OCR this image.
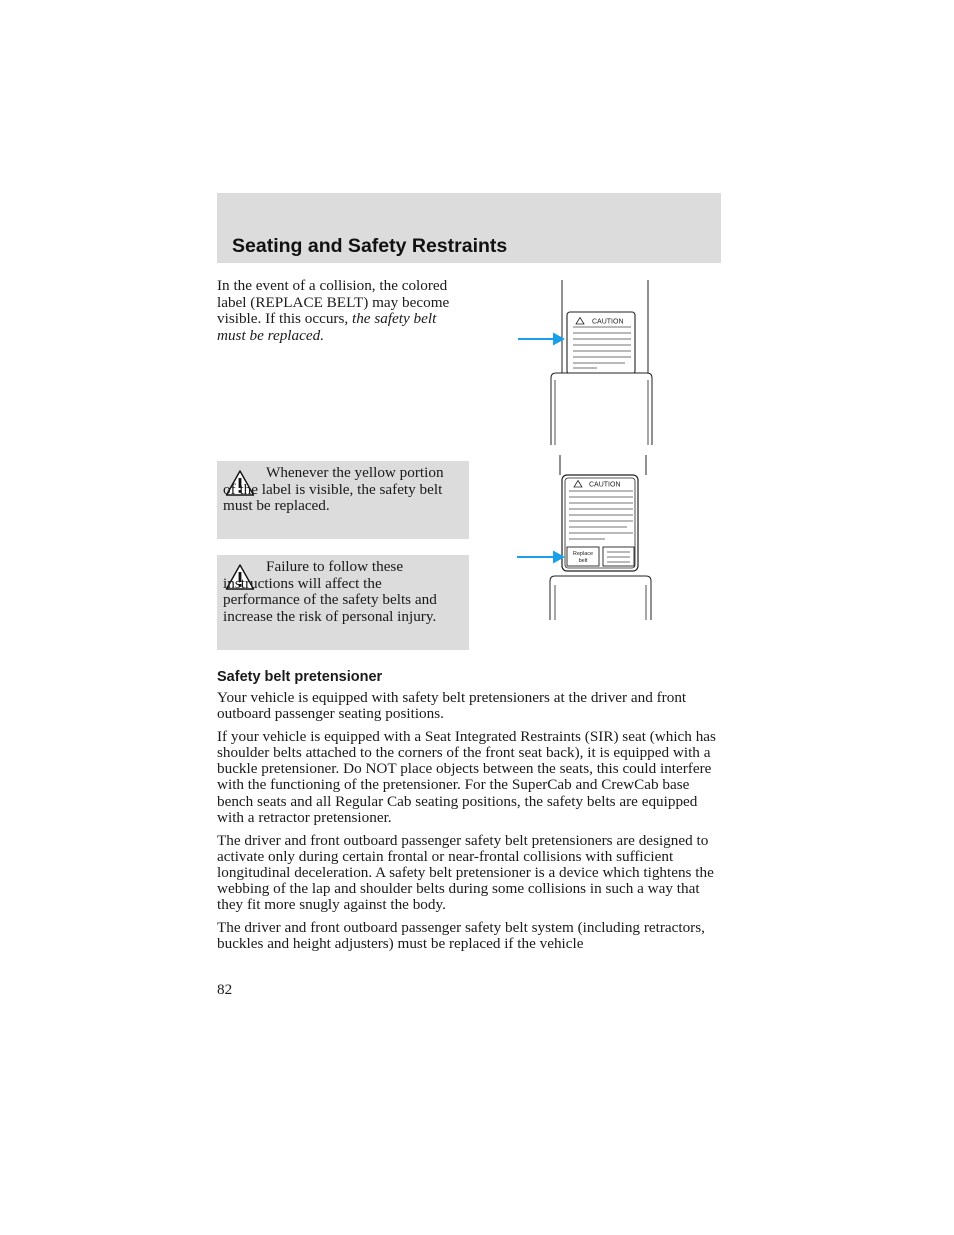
Seating and Safety Restraints

In the event of a collision, the colored label (REPLACE BELT) may become visible. If this occurs, the safety belt must be replaced.

Whenever the yellow portion of the label is visible, the safety belt must be replaced.

Failure to follow these instructions will affect the performance of the safety belts and increase the risk of personal injury.

CAUTION
CAUTION
Replace
belt
Safety belt pretensioner

Your vehicle is equipped with safety belt pretensioners at the driver and front outboard passenger seating positions.

If your vehicle is equipped with a Seat Integrated Restraints (SIR) seat (which has shoulder belts attached to the corners of the front seat back), it is equipped with a buckle pretensioner. Do NOT place objects between the seats, this could interfere with the functioning of the pretensioner. For the SuperCab and CrewCab base bench seats and all Regular Cab seating positions, the safety belts are equipped with a retractor pretensioner.

The driver and front outboard passenger safety belt pretensioners are designed to activate only during certain frontal or near-frontal collisions with sufficient longitudinal deceleration. A safety belt pretensioner is a device which tightens the webbing of the lap and shoulder belts during some collisions in such a way that they fit more snugly against the body.

The driver and front outboard passenger safety belt system (including retractors, buckles and height adjusters) must be replaced if the vehicle

82
